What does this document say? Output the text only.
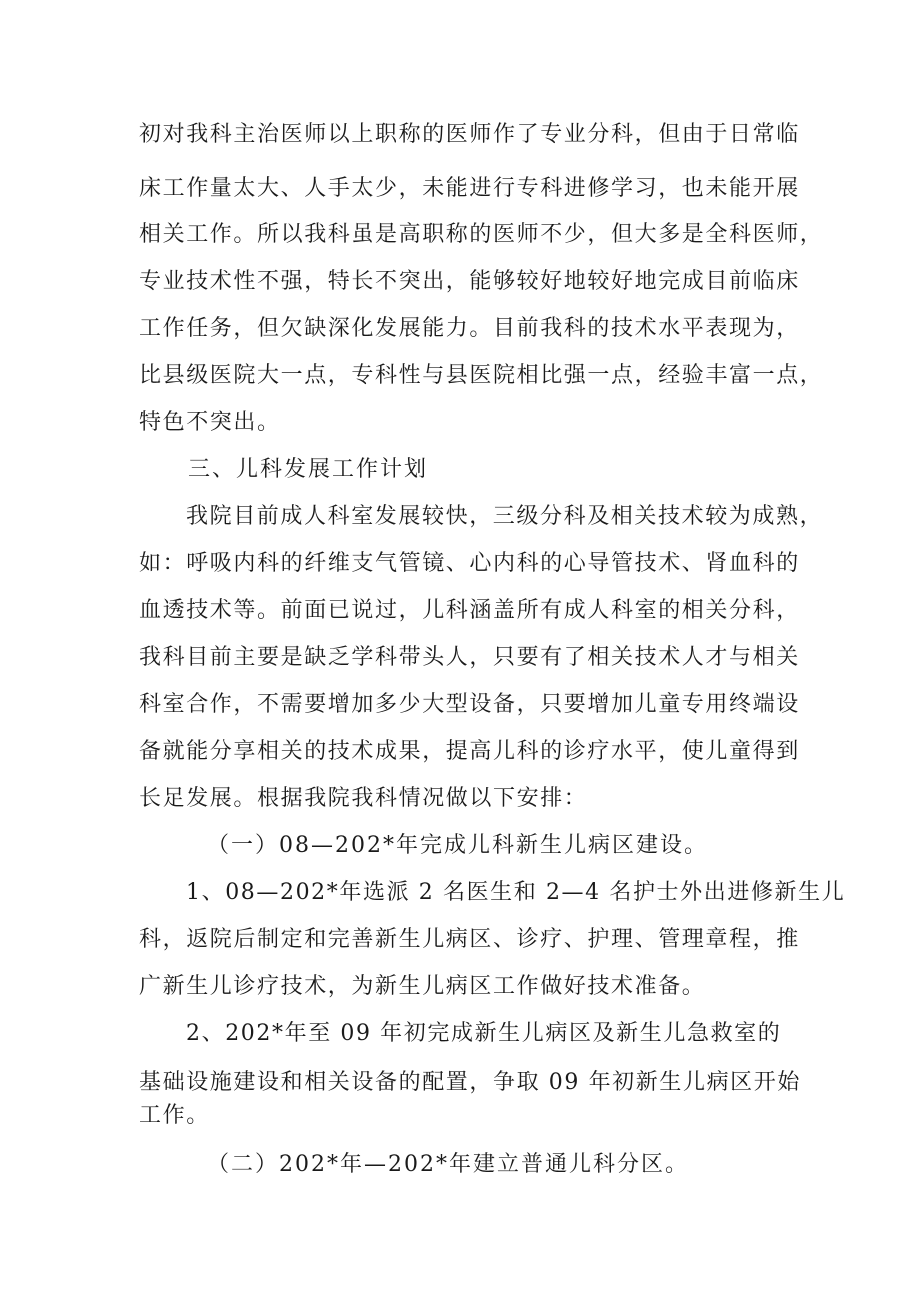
初对我科主治医师以上职称的医师作了专业分科，但由于日常临

床工作量太大、人手太少，未能进行专科进修学习，也未能开展

相关工作。所以我科虽是高职称的医师不少，但大多是全科医师，

专业技术性不强，特长不突出，能够较好地较好地完成目前临床

工作任务，但欠缺深化发展能力。目前我科的技术水平表现为，

比县级医院大一点，专科性与县医院相比强一点，经验丰富一点，

特色不突出。

三、儿科发展工作计划

我院目前成人科室发展较快，三级分科及相关技术较为成熟，

如：呼吸内科的纤维支气管镜、心内科的心导管技术、肾血科的

血透技术等。前面已说过，儿科涵盖所有成人科室的相关分科，

我科目前主要是缺乏学科带头人，只要有了相关技术人才与相关

科室合作，不需要增加多少大型设备，只要增加儿童专用终端设

备就能分享相关的技术成果，提高儿科的诊疗水平，使儿童得到

长足发展。根据我院我科情况做以下安排：

（一）08—202*年完成儿科新生儿病区建设。

1、08—202*年选派 2 名医生和 2—4 名护士外出进修新生儿

科，返院后制定和完善新生儿病区、诊疗、护理、管理章程，推

广新生儿诊疗技术，为新生儿病区工作做好技术准备。

2、202*年至 09 年初完成新生儿病区及新生儿急救室的

基础设施建设和相关设备的配置，争取 09 年初新生儿病区开始

工作。

（二）202*年—202*年建立普通儿科分区。
